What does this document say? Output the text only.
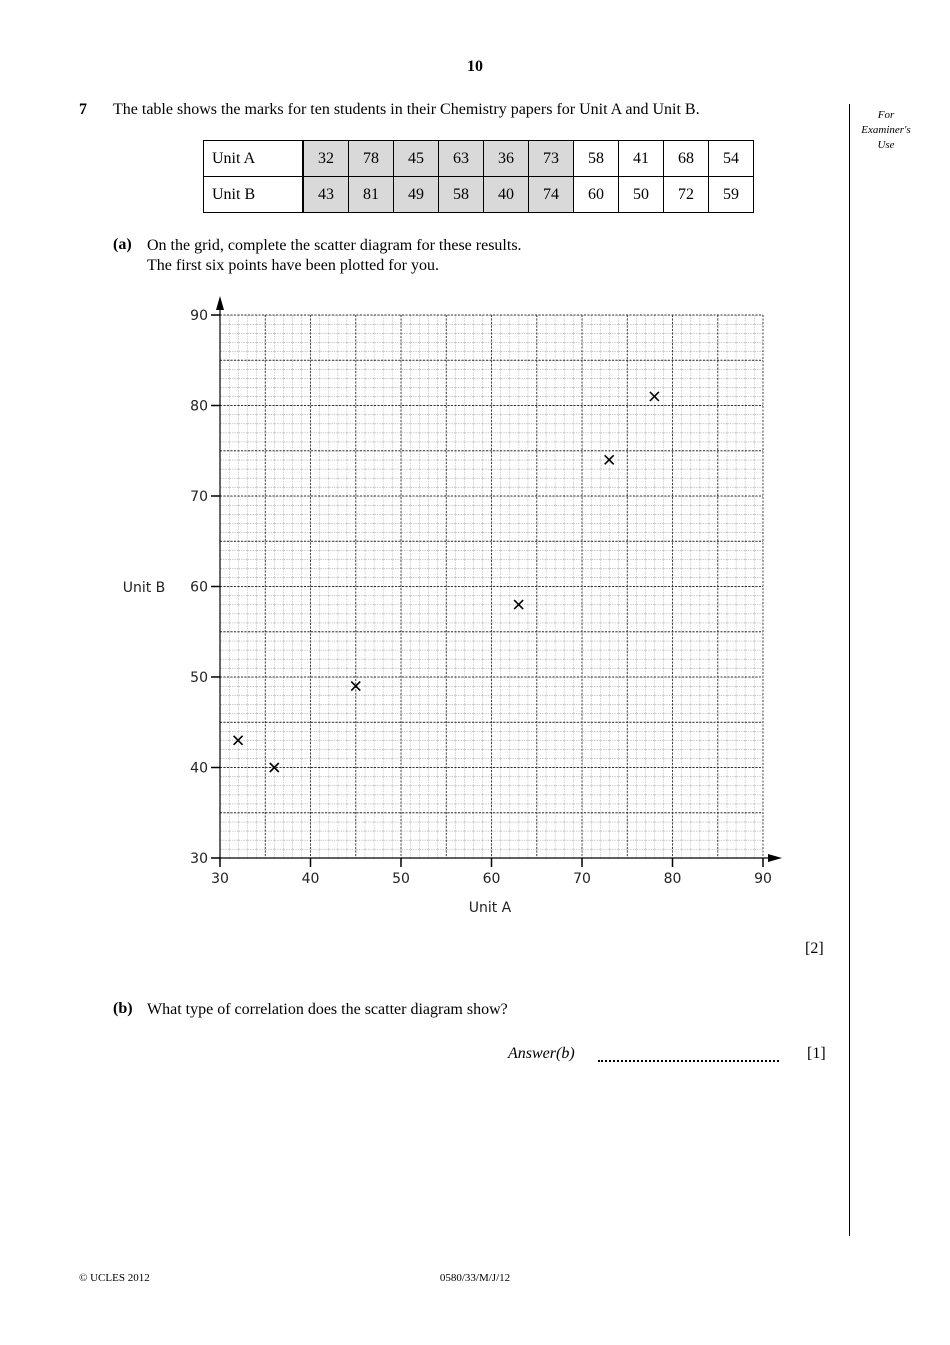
10
For
Examiner's
Use
7 The table shows the marks for ten students in their Chemistry papers for Unit A and Unit B.
Unit A	32	78	45	63	36	73	58	41	68	54
Unit B	43	81	49	58	40	74	60	50	72	59
(a) On the grid, complete the scatter diagram for these results.
The first six points have been plotted for you.
30	40	50	60	70	80	90
30
40
50
60
70
80
90
Unit A
Unit B
[2]
(b) What type of correlation does the scatter diagram show?
Answer(b)	[1]
© UCLES 2012	0580/33/M/J/12
